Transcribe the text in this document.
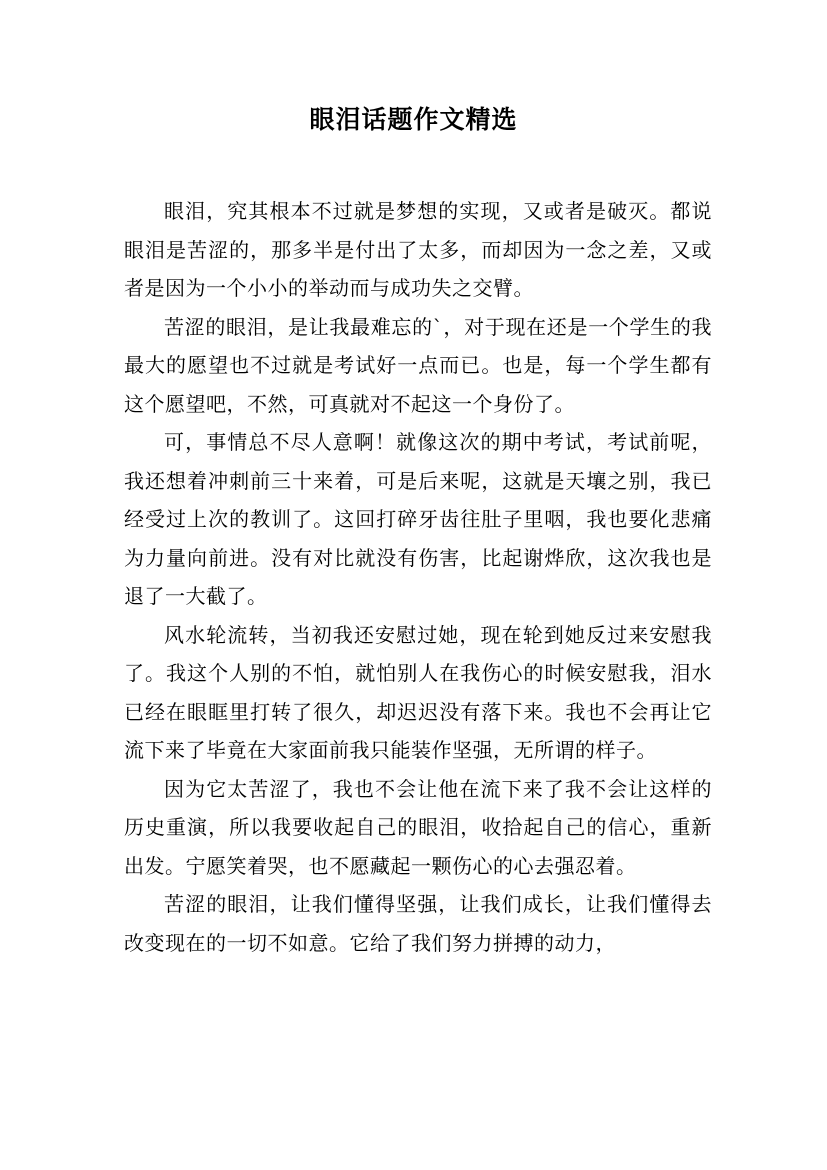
眼泪话题作文精选

眼泪，究其根本不过就是梦想的实现，又或者是破灭。都说眼泪是苦涩的，那多半是付出了太多，而却因为一念之差，又或者是因为一个小小的举动而与成功失之交臂。

苦涩的眼泪，是让我最难忘的`，对于现在还是一个学生的我最大的愿望也不过就是考试好一点而已。也是，每一个学生都有这个愿望吧，不然，可真就对不起这一个身份了。

可，事情总不尽人意啊！就像这次的期中考试，考试前呢，我还想着冲刺前三十来着，可是后来呢，这就是天壤之别，我已经受过上次的教训了。这回打碎牙齿往肚子里咽，我也要化悲痛为力量向前进。没有对比就没有伤害，比起谢烨欣，这次我也是退了一大截了。

风水轮流转，当初我还安慰过她，现在轮到她反过来安慰我了。我这个人别的不怕，就怕别人在我伤心的时候安慰我，泪水已经在眼眶里打转了很久，却迟迟没有落下来。我也不会再让它流下来了毕竟在大家面前我只能装作坚强，无所谓的样子。

因为它太苦涩了，我也不会让他在流下来了我不会让这样的历史重演，所以我要收起自己的眼泪，收拾起自己的信心，重新出发。宁愿笑着哭，也不愿藏起一颗伤心的心去强忍着。

苦涩的眼泪，让我们懂得坚强，让我们成长，让我们懂得去改变现在的一切不如意。它给了我们努力拼搏的动力，
